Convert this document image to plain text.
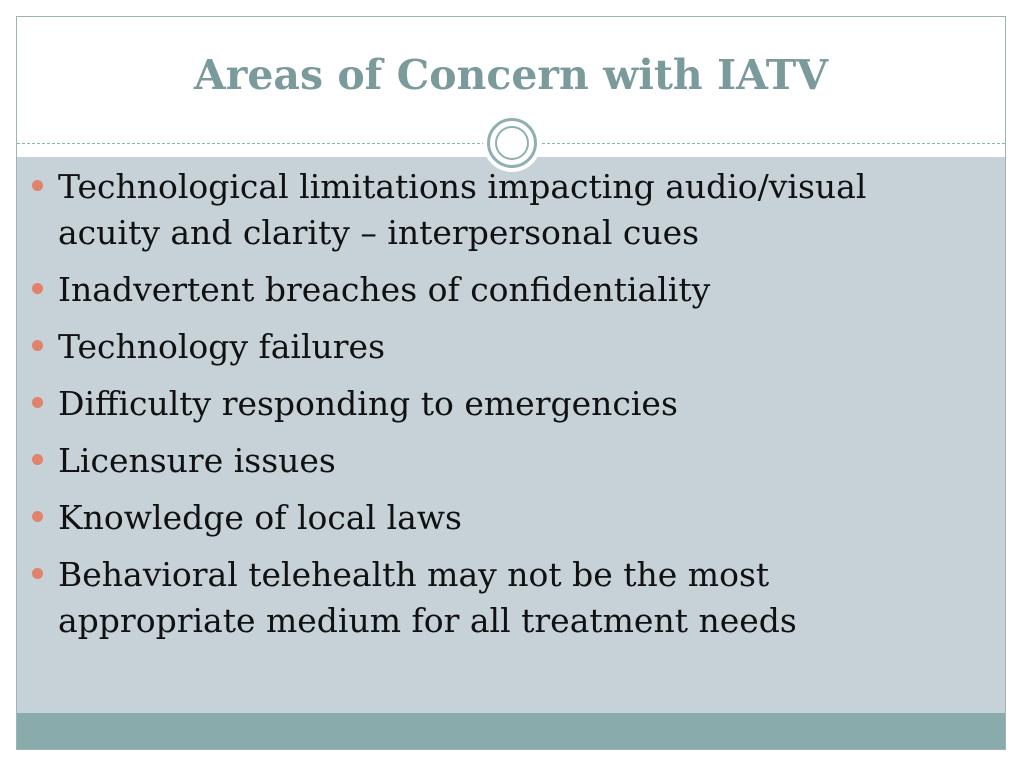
Areas of Concern with IATV
Technological limitations impacting audio/visual acuity and clarity – interpersonal cues
Inadvertent breaches of confidentiality
Technology failures
Difficulty responding to emergencies
Licensure issues
Knowledge of local laws
Behavioral telehealth may not be the most appropriate medium for all treatment needs
